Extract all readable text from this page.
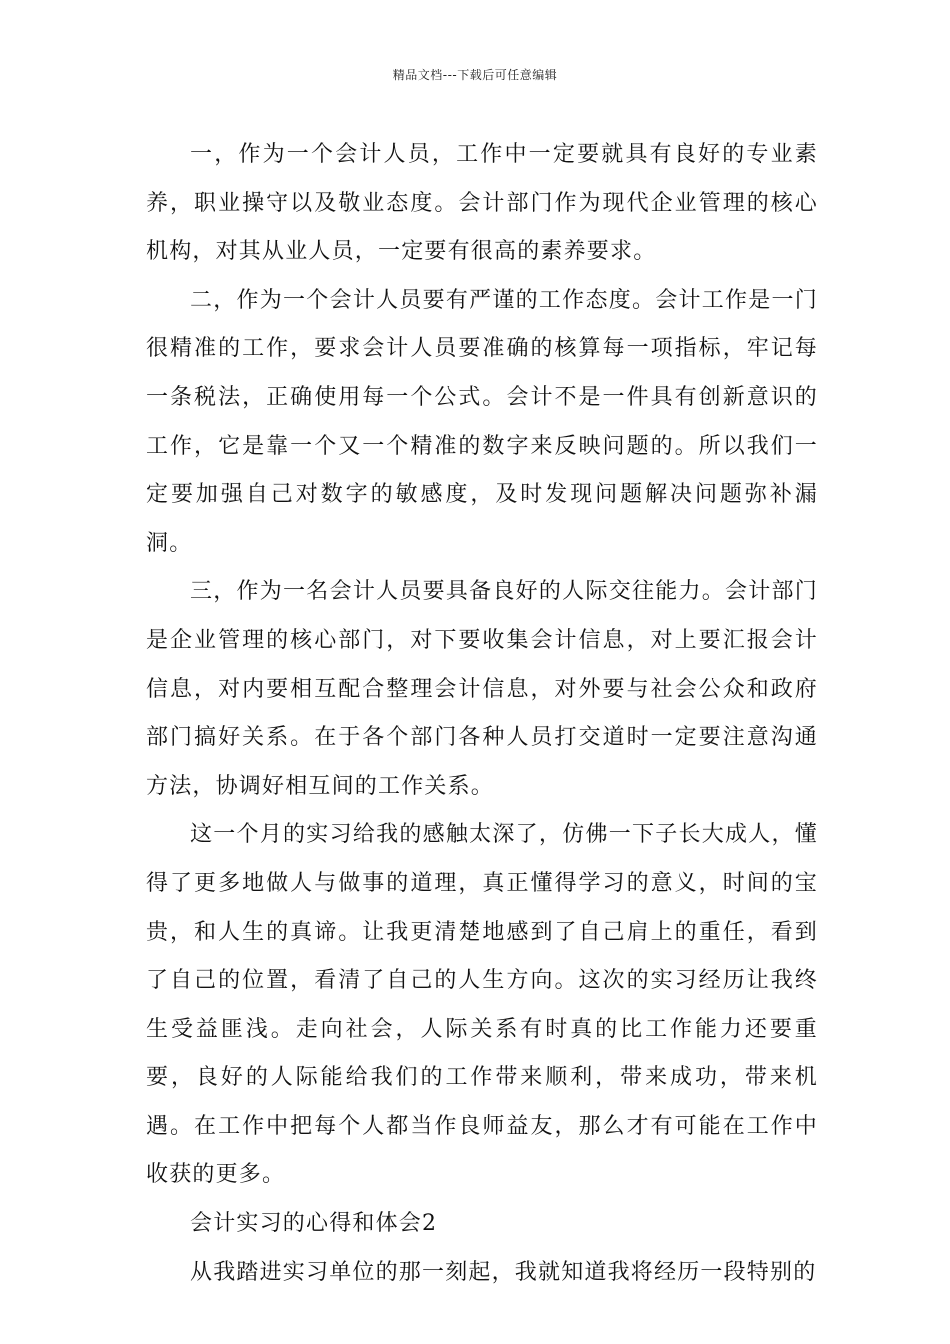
精品文档---下载后可任意编辑

一，作为一个会计人员，工作中一定要就具有良好的专业素养，职业操守以及敬业态度。会计部门作为现代企业管理的核心机构，对其从业人员，一定要有很高的素养要求。

二，作为一个会计人员要有严谨的工作态度。会计工作是一门很精准的工作，要求会计人员要准确的核算每一项指标，牢记每一条税法，正确使用每一个公式。会计不是一件具有创新意识的工作，它是靠一个又一个精准的数字来反映问题的。所以我们一定要加强自己对数字的敏感度，及时发现问题解决问题弥补漏洞。

三，作为一名会计人员要具备良好的人际交往能力。会计部门是企业管理的核心部门，对下要收集会计信息，对上要汇报会计信息，对内要相互配合整理会计信息，对外要与社会公众和政府部门搞好关系。在于各个部门各种人员打交道时一定要注意沟通方法，协调好相互间的工作关系。

这一个月的实习给我的感触太深了，仿佛一下子长大成人，懂得了更多地做人与做事的道理，真正懂得学习的意义，时间的宝贵，和人生的真谛。让我更清楚地感到了自己肩上的重任，看到了自己的位置，看清了自己的人生方向。这次的实习经历让我终生受益匪浅。走向社会，人际关系有时真的比工作能力还要重要，良好的人际能给我们的工作带来顺利，带来成功，带来机遇。在工作中把每个人都当作良师益友，那么才有可能在工作中收获的更多。

会计实习的心得和体会2

从我踏进实习单位的那一刻起，我就知道我将经历一段特别的
